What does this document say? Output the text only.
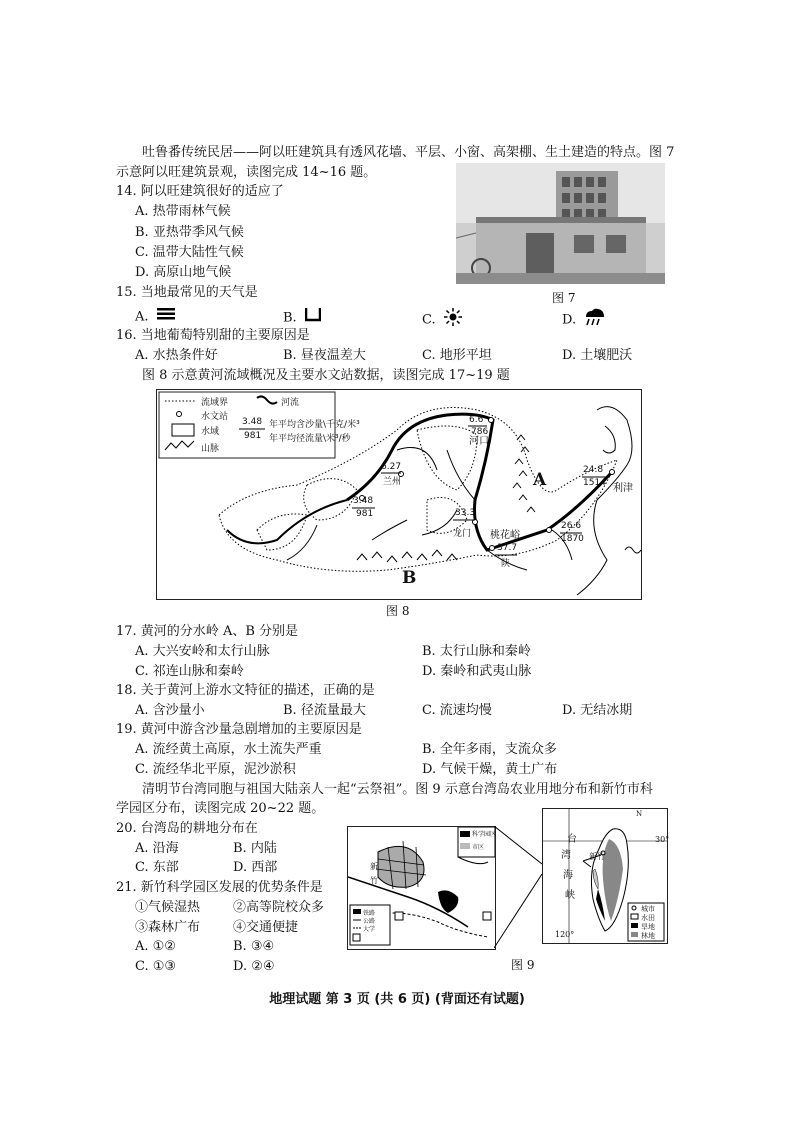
吐鲁番传统民居——阿以旺建筑具有透风花墙、平层、小窗、高架棚、生土建造的特点。图 7
示意阿以旺建筑景观，读图完成 14~16 题。
14. 阿以旺建筑很好的适应了
A. 热带雨林气候
B. 亚热带季风气候
C. 温带大陆性气候
D. 高原山地气候
图 7
15. 当地最常见的天气是
A.	B.	C.	D.
16. 当地葡萄特别甜的主要原因是
A. 水热条件好	B. 昼夜温差大	C. 地形平坦	D. 土壤肥沃
图 8 示意黄河流域概况及主要水文站数据，读图完成 17~19 题
流域界	河流
水文站
水域
山脉
3.48
981
年平均含沙量\千克/米³
年平均径流量\米³/秒
6.27
兰州
3.48
981
6.6
786
33.3
龙门
37.7
陕
26.6
1870
24.8
1514
河口
桃花峪
利津
A
B
图 8
17. 黄河的分水岭 A、B 分别是
A. 大兴安岭和太行山脉	B. 太行山脉和秦岭
C. 祁连山脉和秦岭	D. 秦岭和武夷山脉
18. 关于黄河上游水文特征的描述，正确的是
A. 含沙量小	B. 径流量最大	C. 流速均慢	D. 无结冰期
19. 黄河中游含沙量急剧增加的主要原因是
A. 流经黄土高原，水土流失严重	B. 全年多雨，支流众多
C. 流经华北平原，泥沙淤积	D. 气候干燥，黄土广布
清明节台湾同胞与祖国大陆亲人一起“云祭祖”。图 9 示意台湾岛农业用地分布和新竹市科
学园区分布，读图完成 20~22 题。
20. 台湾岛的耕地分布在
A. 沿海	B. 内陆
C. 东部	D. 西部
21. 新竹科学园区发展的优势条件是
①气候湿热	②高等院校众多
③森林广布	④交通便捷
A. ①②	B. ③④
C. ①③	D. ②④
科学园区
市区
铁路
公路
大学
新
竹
N
30°
120°
台
湾
海
峡
新竹
城市
水田
旱地
林地
图 9
地理试题 第 3 页 (共 6 页) (背面还有试题)
